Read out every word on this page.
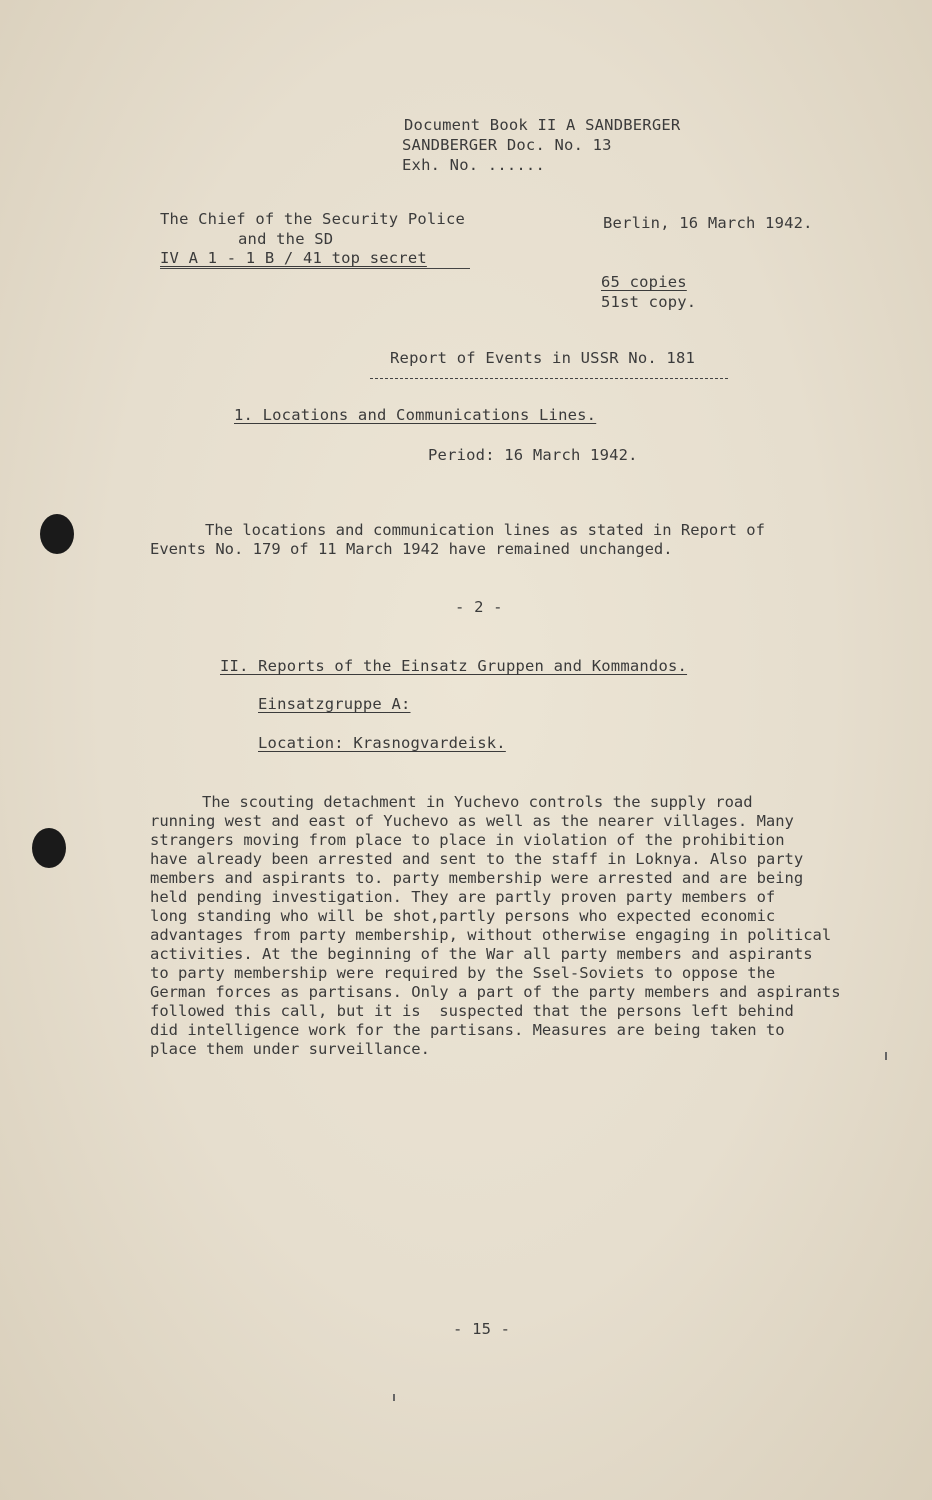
Document Book II A SANDBERGER
SANDBERGER Doc. No. 13
Exh. No. ......
The Chief of the Security Police
and the SD
IV A 1 - 1 B / 41 top secret
Berlin, 16 March 1942.
65 copies
51st copy.
Report of Events in USSR No. 181
1. Locations and Communications Lines.
Period: 16 March 1942.
The locations and communication lines as stated in Report of
Events No. 179 of 11 March 1942 have remained unchanged.
- 2 -
II. Reports of the Einsatz Gruppen and Kommandos.
Einsatzgruppe A:
Location: Krasnogvardeisk.
The scouting detachment in Yuchevo controls the supply road
running west and east of Yuchevo as well as the nearer villages. Many
strangers moving from place to place in violation of the prohibition
have already been arrested and sent to the staff in Loknya. Also party
members and aspirants to. party membership were arrested and are being
held pending investigation. They are partly proven party members of
long standing who will be shot,partly persons who expected economic
advantages from party membership, without otherwise engaging in political
activities. At the beginning of the War all party members and aspirants
to party membership were required by the Ssel-Soviets to oppose the
German forces as partisans. Only a part of the party members and aspirants
followed this call, but it is  suspected that the persons left behind
did intelligence work for the partisans. Measures are being taken to
place them under surveillance.
- 15 -
